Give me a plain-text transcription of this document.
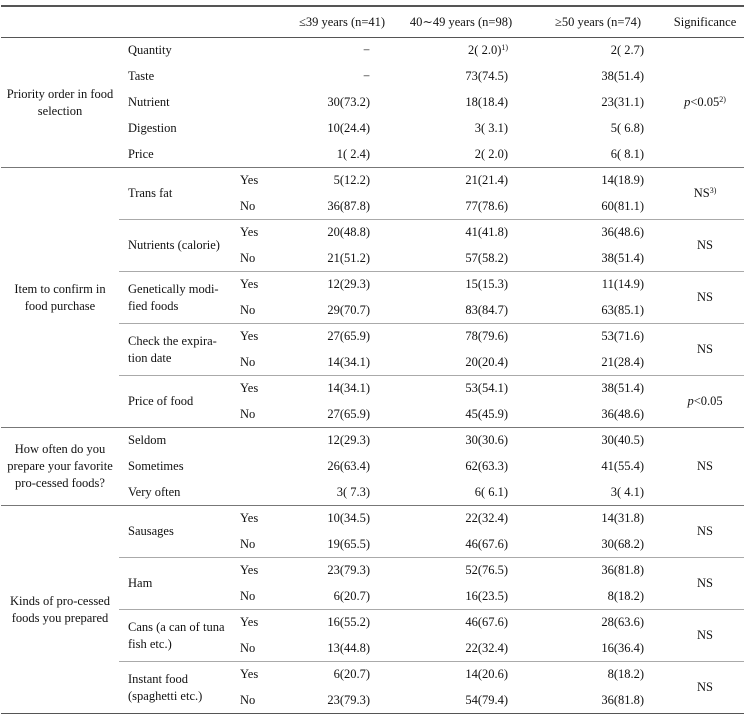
			≤39 years (n=41)	40∼49 years (n=98)	≥50 years (n=74)	Significance
Priority order in food selection	Quantity		−	2( 2.0)$^{1)}$	2( 2.7)	$p<0.05^{2)}$
	Taste		−	73(74.5)	38(51.4)	
	Nutrient		30(73.2)	18(18.4)	23(31.1)	
	Digestion		10(24.4)	3( 3.1)	5( 6.8)	
	Price		1( 2.4)	2( 2.0)	6( 8.1)	
Item to confirm in food purchase	Trans fat	Yes	5(12.2)	21(21.4)	14(18.9)	NS$^{3)}$
		No	36(87.8)	77(78.6)	60(81.1)	
	Nutrients (calorie)	Yes	20(48.8)	41(41.8)	36(48.6)	NS
		No	21(51.2)	57(58.2)	38(51.4)	
	Genetically modi-fied foods	Yes	12(29.3)	15(15.3)	11(14.9)	NS
		No	29(70.7)	83(84.7)	63(85.1)	
	Check the expira-tion date	Yes	27(65.9)	78(79.6)	53(71.6)	NS
		No	14(34.1)	20(20.4)	21(28.4)	
	Price of food	Yes	14(34.1)	53(54.1)	38(51.4)	p<0.05
		No	27(65.9)	45(45.9)	36(48.6)	
How often do you prepare your favorite pro-cessed foods?	Seldom		12(29.3)	30(30.6)	30(40.5)	NS
	Sometimes		26(63.4)	62(63.3)	41(55.4)	
	Very often		3( 7.3)	6( 6.1)	3( 4.1)	
Kinds of pro-cessed foods you prepared	Sausages	Yes	10(34.5)	22(32.4)	14(31.8)	NS
		No	19(65.5)	46(67.6)	30(68.2)	
	Ham	Yes	23(79.3)	52(76.5)	36(81.8)	NS
		No	6(20.7)	16(23.5)	8(18.2)	
	Cans (a can of tuna fish etc.)	Yes	16(55.2)	46(67.6)	28(63.6)	NS
		No	13(44.8)	22(32.4)	16(36.4)	
	Instant food (spaghetti etc.)	Yes	6(20.7)	14(20.6)	8(18.2)	NS
		No	23(79.3)	54(79.4)	36(81.8)	
